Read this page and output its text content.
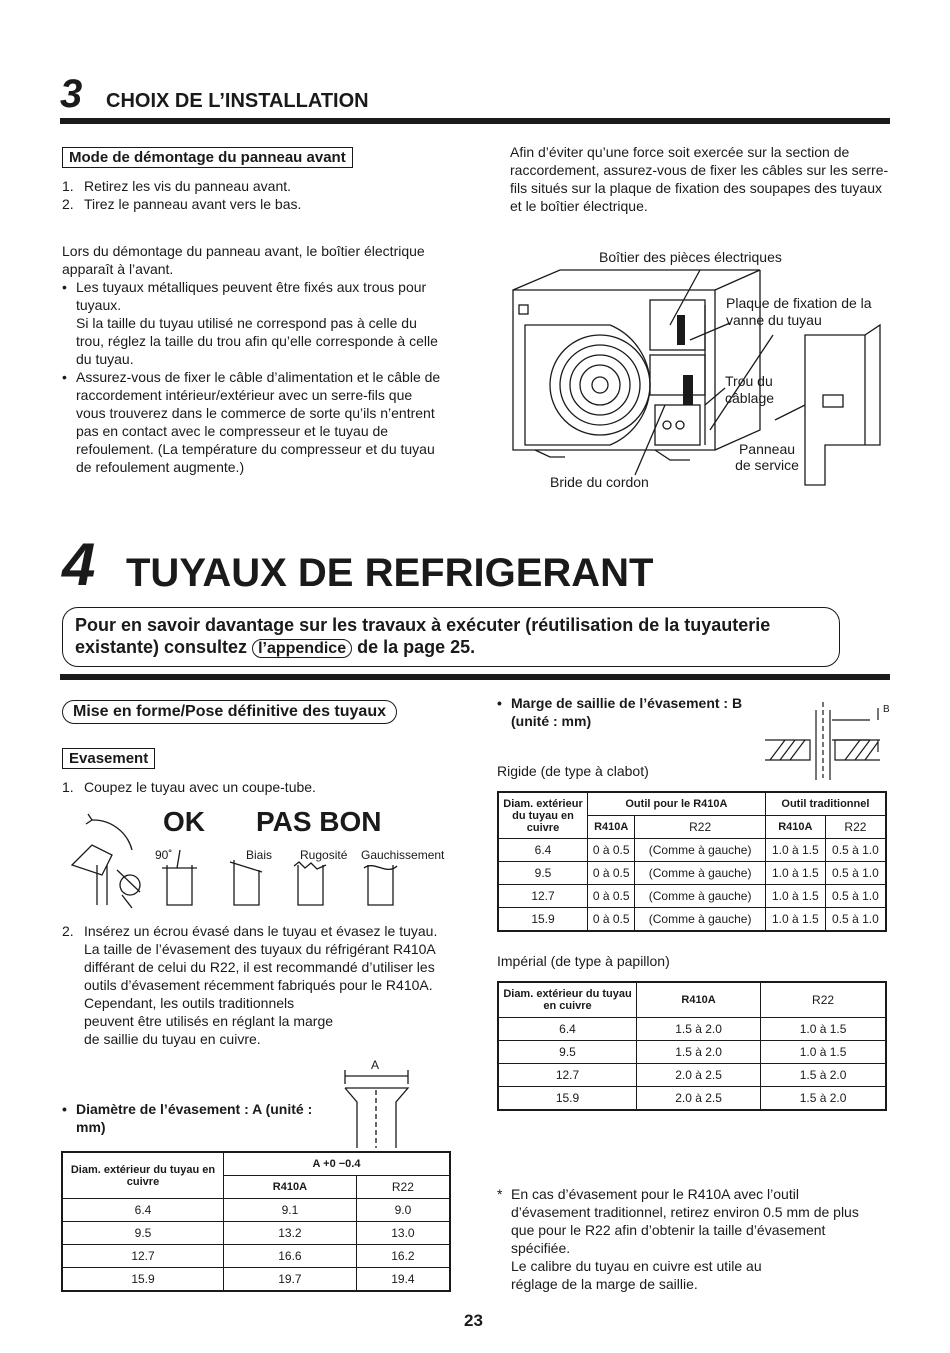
3 CHOIX DE L’INSTALLATION
Mode de démontage du panneau avant
1. Retirez les vis du panneau avant.
2. Tirez le panneau avant vers le bas.
Lors du démontage du panneau avant, le boîtier électrique apparaît à l’avant.
• Les tuyaux métalliques peuvent être fixés aux trous pour tuyaux.
Si la taille du tuyau utilisé ne correspond pas à celle du trou, réglez la taille du trou afin qu’elle corresponde à celle du tuyau.
• Assurez-vous de fixer le câble d’alimentation et le câble de raccordement intérieur/extérieur avec un serre-fils que vous trouverez dans le commerce de sorte qu’ils n’entrent pas en contact avec le compresseur et le tuyau de refoulement. (La température du compresseur et du tuyau de refoulement augmente.)
Afin d’éviter qu’une force soit exercée sur la section de raccordement, assurez-vous de fixer les câbles sur les serre-fils situés sur la plaque de fixation des soupapes des tuyaux et le boîtier électrique.
Boîtier des pièces électriques
Plaque de fixation de la vanne du tuyau
Trou du câblage
Panneau de service
Bride du cordon
4 TUYAUX DE REFRIGERANT
Pour en savoir davantage sur les travaux à exécuter (réutilisation de la tuyauterie existante) consultez l’appendice de la page 25.
Mise en forme/Pose définitive des tuyaux
Evasement
1. Coupez le tuyau avec un coupe-tube.
OK PAS BON
90˚	Biais Rugosité Gauchissement
2. Insérez un écrou évasé dans le tuyau et évasez le tuyau.
La taille de l’évasement des tuyaux du réfrigérant R410A différant de celui du R22, il est recommandé d’utiliser les outils d’évasement récemment fabriqués pour le R410A.
Cependant, les outils traditionnels peuvent être utilisés en réglant la marge de saillie du tuyau en cuivre.
A
• Diamètre de l’évasement : A (unité : mm)
Diam. extérieur du tuyau en cuivre	A +0 −0.4	
	R410A	R22
6.4	9.1	9.0
9.5	13.2	13.0
12.7	16.6	16.2
15.9	19.7	19.4
• Marge de saillie de l’évasement : B (unité : mm)
B
Rigide (de type à clabot)
Diam. extérieur du tuyau en cuivre	Outil pour le R410A		Outil traditionnel	
	R410A	R22	R410A	R22
6.4	0 à 0.5	(Comme à gauche)	1.0 à 1.5	0.5 à 1.0
9.5	0 à 0.5	(Comme à gauche)	1.0 à 1.5	0.5 à 1.0
12.7	0 à 0.5	(Comme à gauche)	1.0 à 1.5	0.5 à 1.0
15.9	0 à 0.5	(Comme à gauche)	1.0 à 1.5	0.5 à 1.0
Impérial (de type à papillon)
Diam. extérieur du tuyau en cuivre	R410A	R22
6.4	1.5 à 2.0	1.0 à 1.5
9.5	1.5 à 2.0	1.0 à 1.5
12.7	2.0 à 2.5	1.5 à 2.0
15.9	2.0 à 2.5	1.5 à 2.0
* En cas d’évasement pour le R410A avec l’outil d’évasement traditionnel, retirez environ 0.5 mm de plus que pour le R22 afin d’obtenir la taille d’évasement spécifiée.
Le calibre du tuyau en cuivre est utile au réglage de la marge de saillie.
23
